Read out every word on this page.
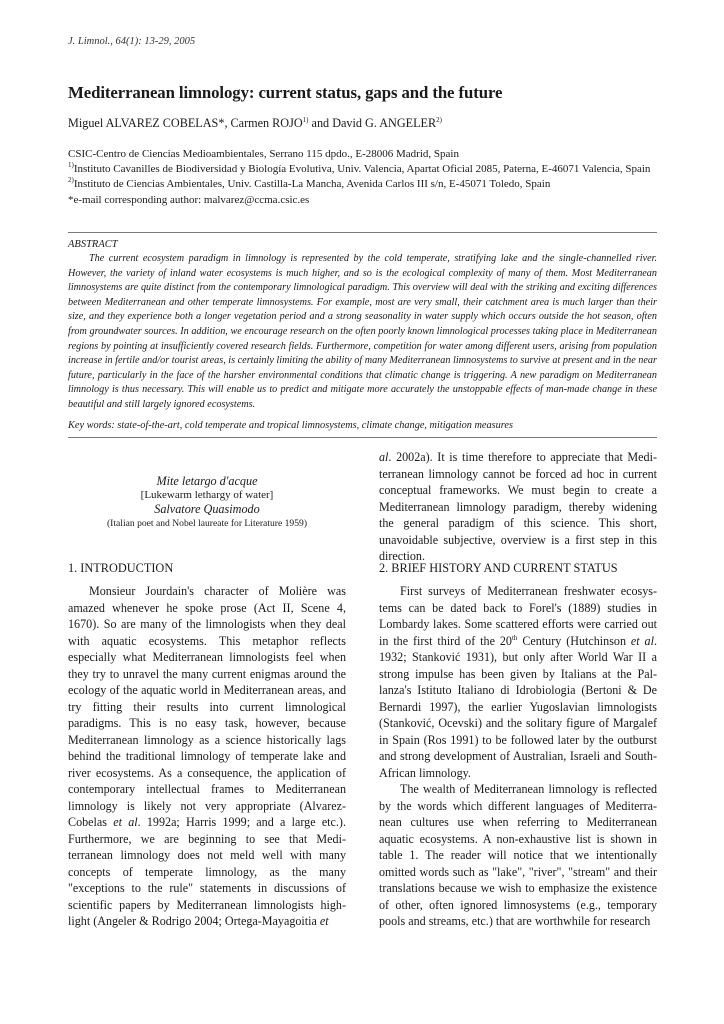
J. Limnol., 64(1): 13-29, 2005
Mediterranean limnology: current status, gaps and the future
Miguel ALVAREZ COBELAS*, Carmen ROJO$^{1)}$ and David G. ANGELER$^{2)}$
CSIC-Centro de Ciencias Medioambientales, Serrano 115 dpdo., E-28006 Madrid, Spain
$^{1)}$Instituto Cavanilles de Biodiversidad y Biología Evolutiva, Univ. Valencia, Apartat Oficial 2085, Paterna, E-46071 Valencia, Spain
$^{2)}$Instituto de Ciencias Ambientales, Univ. Castilla-La Mancha, Avenida Carlos III s/n, E-45071 Toledo, Spain
*e-mail corresponding author: malvarez@ccma.csic.es
ABSTRACT

The current ecosystem paradigm in limnology is represented by the cold temperate, stratifying lake and the single-channelled river. However, the variety of inland water ecosystems is much higher, and so is the ecological complexity of many of them. Most Mediterranean limnosystems are quite distinct from the contemporary limnological paradigm. This overview will deal with the striking and exciting differences between Mediterranean and other temperate limnosystems. For example, most are very small, their catchment area is much larger than their size, and they experience both a longer vegetation period and a strong seasonality in water supply which occurs outside the hot season, often from groundwater sources. In addition, we encourage research on the often poorly known limnological processes taking place in Mediterranean regions by pointing at insufficiently covered research fields. Furthermore, competition for water among different users, arising from population increase in fertile and/or tourist areas, is certainly limiting the ability of many Mediterranean limnosystems to survive at present and in the near future, particularly in the face of the harsher environmental conditions that climatic change is triggering. A new paradigm on Mediterranean limnology is thus necessary. This will enable us to predict and mitigate more accurately the unstoppable effects of man-made change in these beautiful and still largely ignored ecosystems.

Key words: state-of-the-art, cold temperate and tropical limnosystems, climate change, mitigation measures
Mite letargo d'acque
[Lukewarm lethargy of water]
Salvatore Quasimodo
(Italian poet and Nobel laureate for Literature 1959)
1. INTRODUCTION

Monsieur Jourdain's character of Molière was amazed whenever he spoke prose (Act II, Scene 4, 1670). So are many of the limnologists when they deal with aquatic ecosystems. This metaphor reflects especially what Mediterranean limnologists feel when they try to unravel the many current enigmas around the ecology of the aquatic world in Mediterranean areas, and try fitting their results into current limnological paradigms. This is no easy task, however, because Mediterranean limnology as a science historically lags behind the traditional limnology of temperate lake and river ecosystems. As a consequence, the application of contemporary intellectual frames to Mediterranean limnology is likely not very appropriate (Alvarez-Cobelas et al. 1992a; Harris 1999; and a large etc.). Furthermore, we are beginning to see that Medi-terranean limnology does not meld well with many concepts of temperate limnology, as the many "exceptions to the rule" statements in discussions of scientific papers by Mediterranean limnologists high-light (Angeler & Rodrigo 2004; Ortega-Mayagoitia et

al. 2002a). It is time therefore to appreciate that Medi-terranean limnology cannot be forced ad hoc in current conceptual frameworks. We must begin to create a Mediterranean limnology paradigm, thereby widening the general paradigm of this science. This short, unavoidable subjective, overview is a first step in this direction.

2. BRIEF HISTORY AND CURRENT STATUS

First surveys of Mediterranean freshwater ecosys-tems can be dated back to Forel's (1889) studies in Lombardy lakes. Some scattered efforts were carried out in the first third of the 20th Century (Hutchinson et al. 1932; Stanković 1931), but only after World War II a strong impulse has been given by Italians at the Pal-lanza's Istituto Italiano di Idrobiologia (Bertoni & De Bernardi 1997), the earlier Yugoslavian limnologists (Stanković, Ocevski) and the solitary figure of Margalef in Spain (Ros 1991) to be followed later by the outburst and strong development of Australian, Israeli and South-African limnology.

The wealth of Mediterranean limnology is reflected by the words which different languages of Mediterra-nean cultures use when referring to Mediterranean aquatic ecosystems. A non-exhaustive list is shown in table 1. The reader will notice that we intentionally omitted words such as "lake", "river", "stream" and their translations because we wish to emphasize the existence of other, often ignored limnosystems (e.g., temporary pools and streams, etc.) that are worthwhile for research
